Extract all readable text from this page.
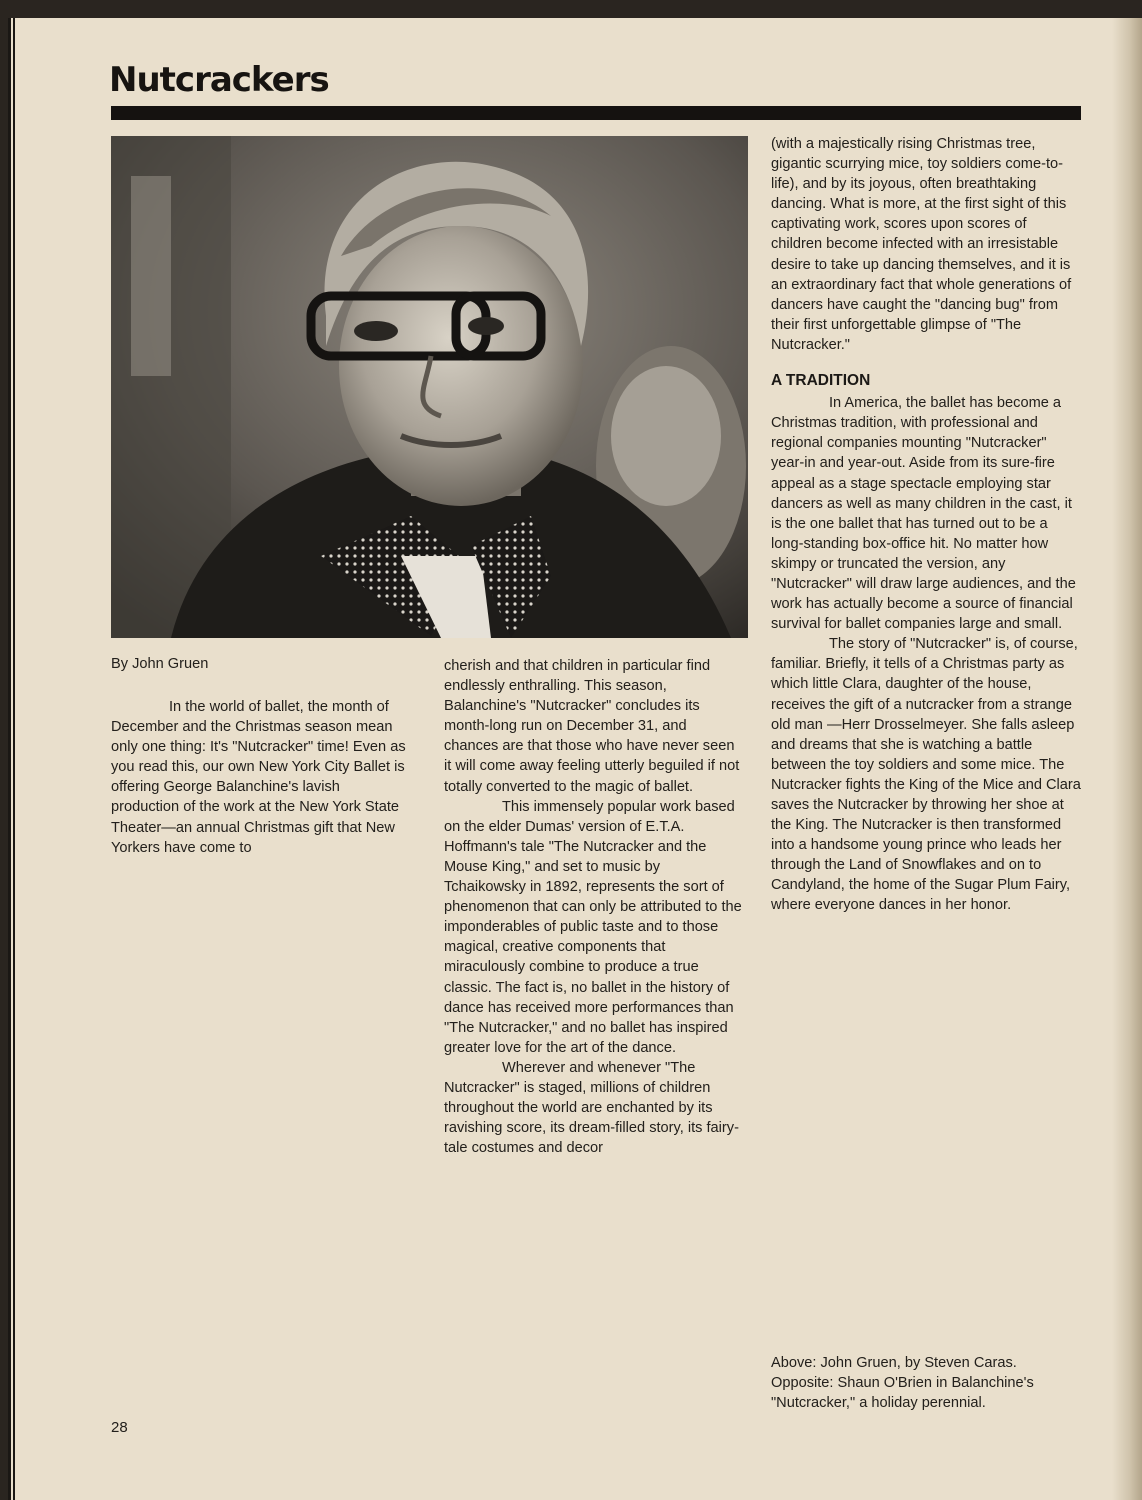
Nutcrackers
By John Gruen

In the world of ballet, the month of December and the Christmas season mean only one thing: It's "Nutcracker" time! Even as you read this, our own New York City Ballet is offering George Balanchine's lavish production of the work at the New York State Theater—an annual Christmas gift that New Yorkers have come to

cherish and that children in particular find endlessly enthralling. This season, Balanchine's "Nutcracker" concludes its month-long run on December 31, and chances are that those who have never seen it will come away feeling utterly beguiled if not totally converted to the magic of ballet.

This immensely popular work based on the elder Dumas' version of E.T.A. Hoffmann's tale "The Nutcracker and the Mouse King," and set to music by Tchaikowsky in 1892, represents the sort of phenomenon that can only be attributed to the imponderables of public taste and to those magical, creative components that miraculously combine to produce a true classic. The fact is, no ballet in the history of dance has received more performances than "The Nutcracker," and no ballet has inspired greater love for the art of the dance.

Wherever and whenever "The Nutcracker" is staged, millions of children throughout the world are enchanted by its ravishing score, its dream-filled story, its fairy-tale costumes and decor

(with a majestically rising Christmas tree, gigantic scurrying mice, toy soldiers come-to-life), and by its joyous, often breathtaking dancing. What is more, at the first sight of this captivating work, scores upon scores of children become infected with an irresistable desire to take up dancing themselves, and it is an extraordinary fact that whole generations of dancers have caught the "dancing bug" from their first unforgettable glimpse of "The Nutcracker."

A TRADITION

In America, the ballet has become a Christmas tradition, with professional and regional companies mounting "Nutcracker" year-in and year-out. Aside from its sure-fire appeal as a stage spectacle employing star dancers as well as many children in the cast, it is the one ballet that has turned out to be a long-standing box-office hit. No matter how skimpy or truncated the version, any "Nutcracker" will draw large audiences, and the work has actually become a source of financial survival for ballet companies large and small.

The story of "Nutcracker" is, of course, familiar. Briefly, it tells of a Christmas party as which little Clara, daughter of the house, receives the gift of a nutcracker from a strange old man —Herr Drosselmeyer. She falls asleep and dreams that she is watching a battle between the toy soldiers and some mice. The Nutcracker fights the King of the Mice and Clara saves the Nutcracker by throwing her shoe at the King. The Nutcracker is then transformed into a handsome young prince who leads her through the Land of Snowflakes and on to Candyland, the home of the Sugar Plum Fairy, where everyone dances in her honor.

Above: John Gruen, by Steven Caras.
Opposite: Shaun O'Brien in Balanchine's "Nutcracker," a holiday perennial.
28
